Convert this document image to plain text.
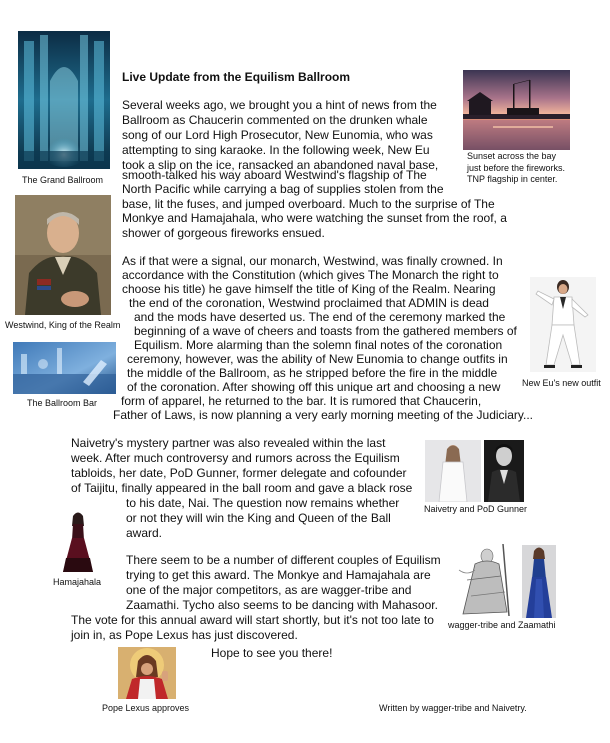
The Grand Ballroom
Sunset across the bay
just before the fireworks.
TNP flagship in center.
Westwind, King of the Realm
New Eu's new outfit
The Ballroom Bar
Naivetry and PoD Gunner
Hamajahala
wagger-tribe and Zaamathi
Pope Lexus approves
Live Update from the Equilism Ballroom
Several weeks ago, we brought you a hint of news from the
Ballroom as Chaucerin commented on the drunken whale
song of our Lord High Prosecutor, New Eunomia, who was
attempting to sing karaoke. In the following week, New Eu
took a slip on the ice, ransacked an abandoned naval base,
smooth-talked his way aboard Westwind's flagship of The
North Pacific while carrying a bag of supplies stolen from the
base, lit the fuses, and jumped overboard. Much to the surprise of The
Monkye and Hamajahala, who were watching the sunset from the roof, a
shower of gorgeous fireworks ensued.
As if that were a signal, our monarch, Westwind, was finally crowned. In
accordance with the Constitution (which gives The Monarch the right to
choose his title) he gave himself the title of King of the Realm. Nearing
the end of the coronation, Westwind proclaimed that ADMIN is dead
and the mods have deserted us. The end of the ceremony marked the
beginning of a wave of cheers and toasts from the gathered members of
Equilism. More alarming than the solemn final notes of the coronation
ceremony, however, was the ability of New Eunomia to change outfits in
the middle of the Ballroom, as he stripped before the fire in the middle
of the coronation. After showing off this unique art and choosing a new
form of apparel, he returned to the bar. It is rumored that Chaucerin,
Father of Laws, is now planning a very early morning meeting of the Judiciary...
Naivetry's mystery partner was also revealed within the last
week. After much controversy and rumors across the Equilism
tabloids, her date, PoD Gunner, former delegate and cofounder
of Taijitu, finally appeared in the ball room and gave a black rose
to his date, Nai. The question now remains whether
or not they will win the King and Queen of the Ball
award.
There seem to be a number of different couples of Equilism
trying to get this award. The Monkye and Hamajahala are
one of the major competitors, as are wagger-tribe and
Zaamathi. Tycho also seems to be dancing with Mahasoor.
The vote for this annual award will start shortly, but it's not too late to
join in, as Pope Lexus has just discovered.
Hope to see you there!
Written by wagger-tribe and Naivetry.
